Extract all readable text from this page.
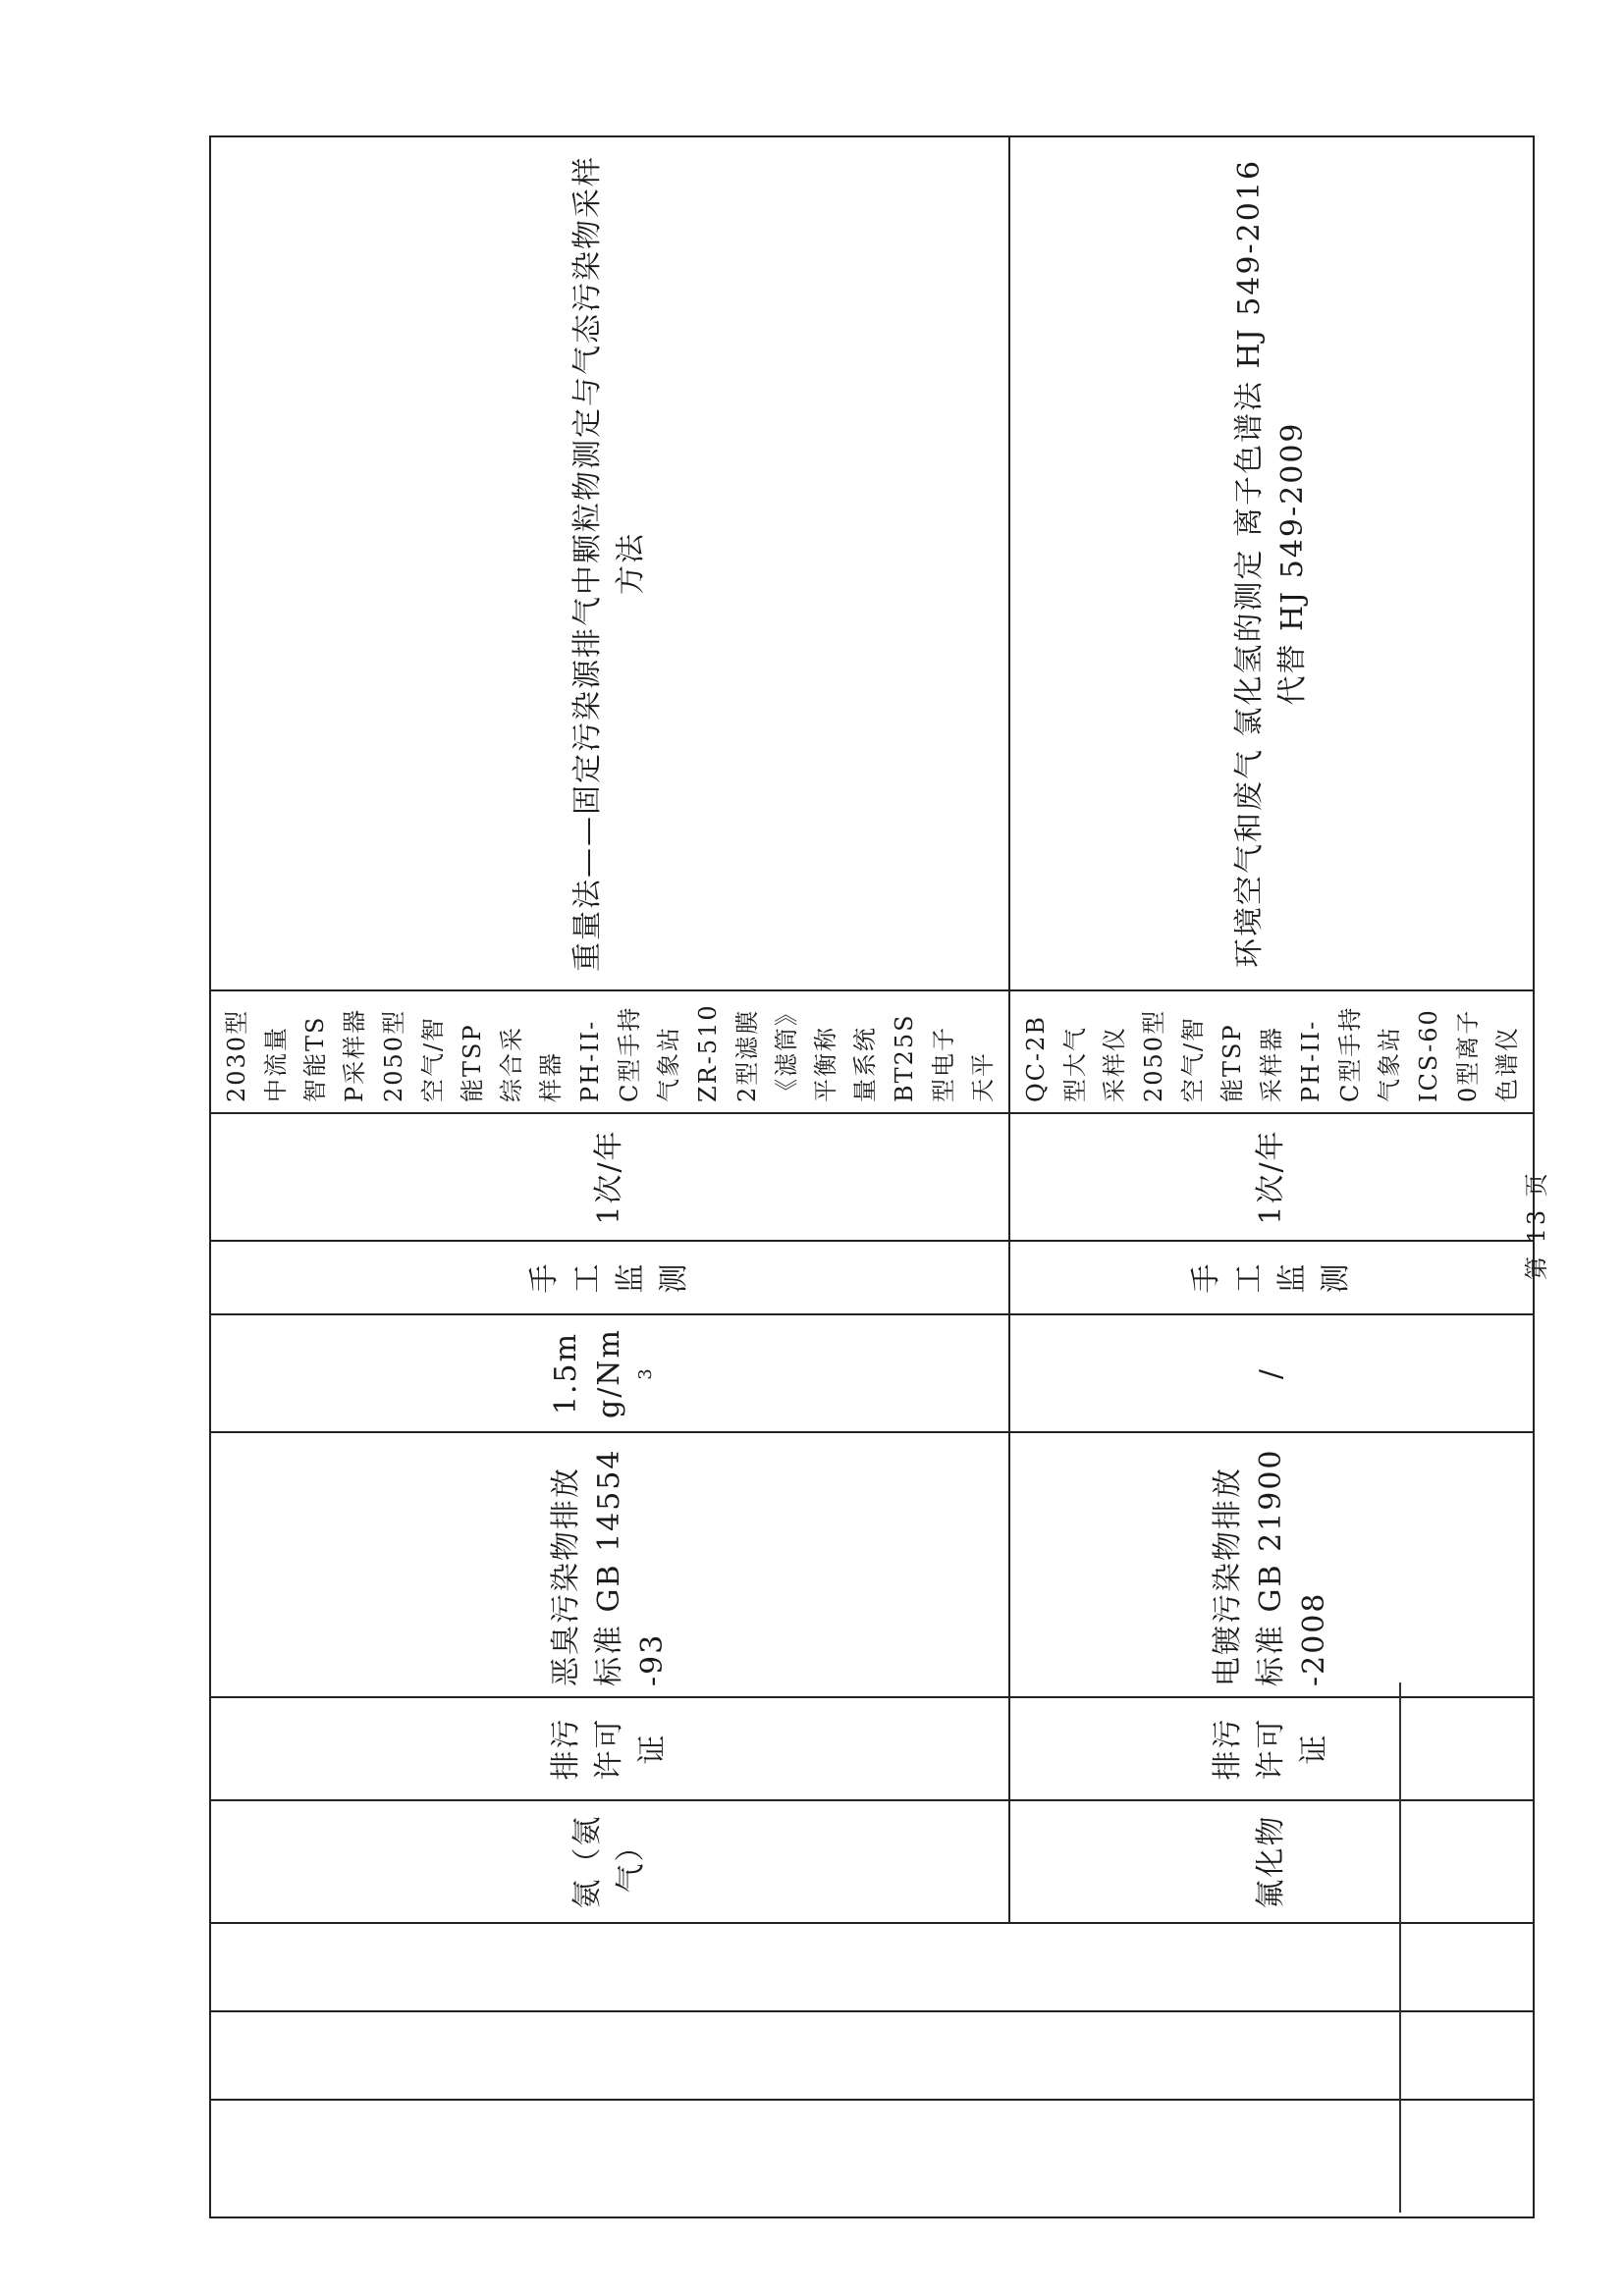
			氨（氨气）	排污许可证	恶臭污染物排放标准 GB 14554-93	1.5mg/Nm $^3$	手工监测	1次/年	2030型中流量智能TSP采样器2050型空气/智能TSP综合采样器 PH-II-C型手持气象站 ZR-5102型滤膜《滤筒》平衡称量系统 BT25S型电子天平	重量法——固定污染源排气中颗粒物测定与气态污染物采样方法
			氟化物	排污许可证	电镀污染物排放标准 GB 21900-2008	/	手工监测	1次/年	QC-2B型大气采样仪 2050型空气/智能TSP采样器 PH-II-C型手持气象站 ICS-600型离子色谱仪	环境空气和废气 氯化氢的测定 离子色谱法 HJ 549-2016 代替 HJ 549-2009
第 13 页
